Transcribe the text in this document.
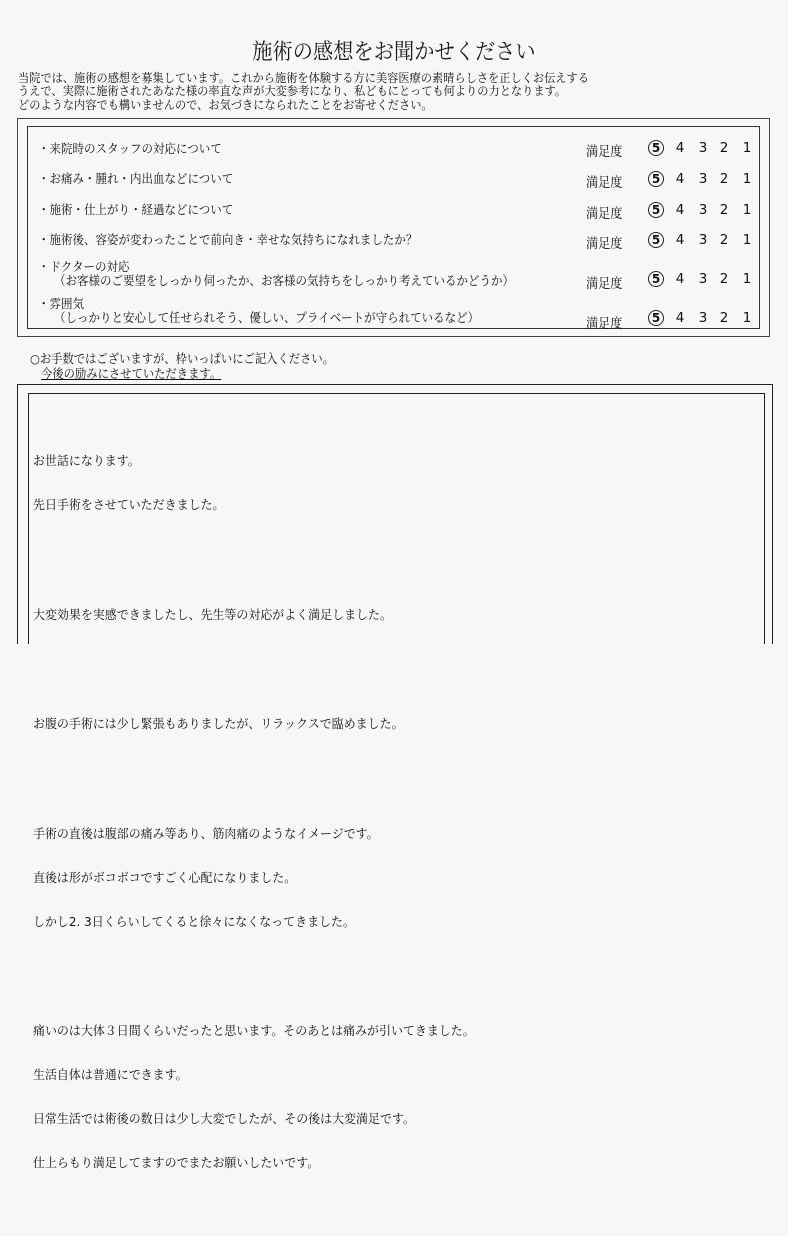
施術の感想をお聞かせください
当院では、施術の感想を募集しています。これから施術を体験する方に美容医療の素晴らしさを正しくお伝えする
うえで、実際に施術されたあなた様の率直な声が大変参考になり、私どもにとっても何よりの力となります。
どのような内容でも構いませんので、お気づきになられたことをお寄せください。
・来院時のスタッフの対応について	満足度	5 4 3 2 1
・お痛み・腫れ・内出血などについて	満足度	5 4 3 2 1
・施術・仕上がり・経過などについて	満足度	5 4 3 2 1
・施術後、容姿が変わったことで前向き・幸せな気持ちになれましたか？	満足度	5 4 3 2 1
・ドクターの対応
（お客様のご要望をしっかり伺ったか、お客様の気持ちをしっかり考えているかどうか）	満足度	5 4 3 2 1
・雰囲気
（しっかりと安心して任せられそう、優しい、プライベートが守られているなど）	満足度	5 4 3 2 1
○お手数ではございますが、枠いっぱいにご記入ください。
今後の励みにさせていただきます。

お世話になります。

先日手術をさせていただきました。

大変効果を実感できましたし、先生等の対応がよく満足しました。

お腹の手術には少し緊張もありましたが、リラックスで臨めました。

手術の直後は腹部の痛み等あり、筋肉痛のようなイメージです。

直後は形がボコボコですごく心配になりました。

しかし2. 3日くらいしてくると徐々になくなってきました。

痛いのは大体３日間くらいだったと思います。そのあとは痛みが引いてきました。

生活自体は普通にできます。

日常生活では術後の数日は少し大変でしたが、その後は大変満足です。

仕上らもり満足してますのでまたお願いしたいです。
